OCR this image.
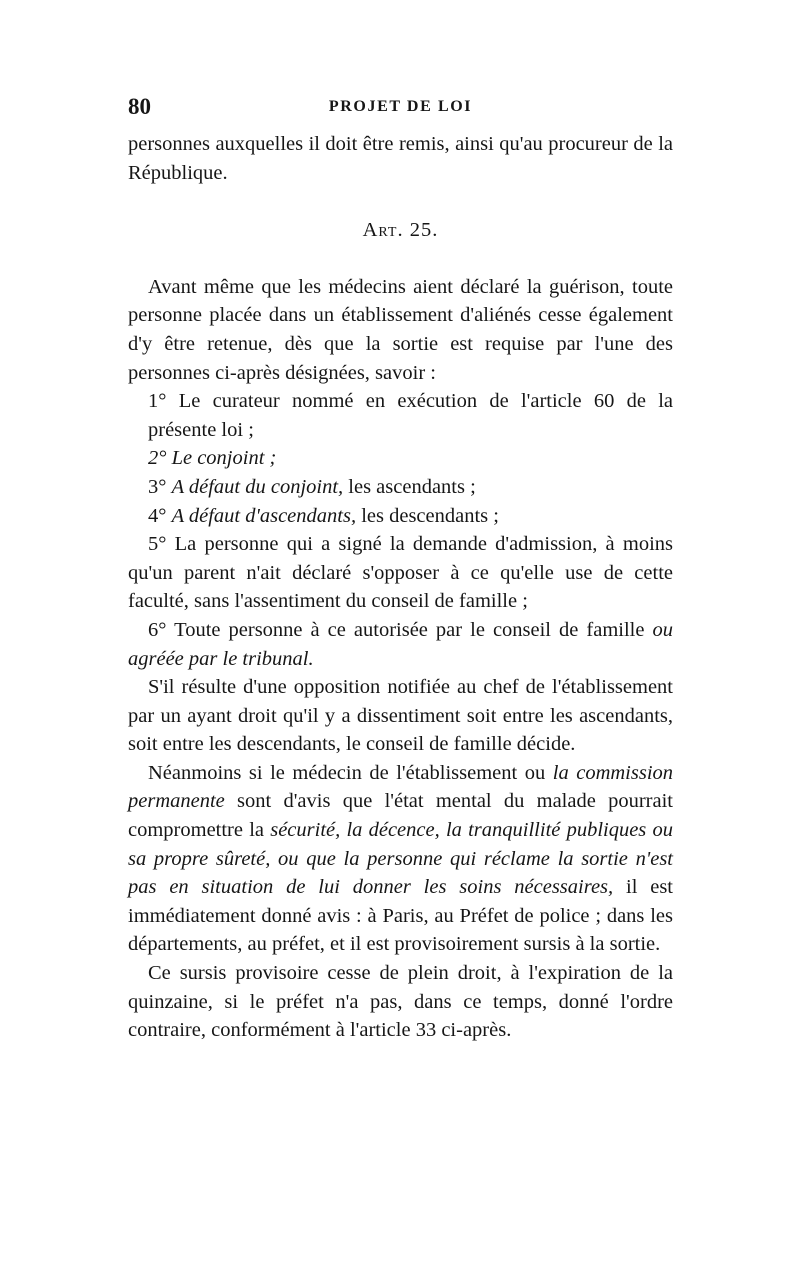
80	PROJET DE LOI

personnes auxquelles il doit être remis, ainsi qu'au procureur de la République.

Art. 25.

Avant même que les médecins aient déclaré la guérison, toute personne placée dans un établissement d'aliénés cesse également d'y être retenue, dès que la sortie est requise par l'une des personnes ci-après désignées, savoir :

1° Le curateur nommé en exécution de l'article 60 de la présente loi ;

2° Le conjoint ;

3° A défaut du conjoint, les ascendants ;

4° A défaut d'ascendants, les descendants ;

5° La personne qui a signé la demande d'admission, à moins qu'un parent n'ait déclaré s'opposer à ce qu'elle use de cette faculté, sans l'assentiment du conseil de famille ;

6° Toute personne à ce autorisée par le conseil de famille ou agréée par le tribunal.

S'il résulte d'une opposition notifiée au chef de l'établissement par un ayant droit qu'il y a dissentiment soit entre les ascendants, soit entre les descendants, le conseil de famille décide.

Néanmoins si le médecin de l'établissement ou la commission permanente sont d'avis que l'état mental du malade pourrait compromettre la sécurité, la décence, la tranquillité publiques ou sa propre sûreté, ou que la personne qui réclame la sortie n'est pas en situation de lui donner les soins nécessaires, il est immédiatement donné avis : à Paris, au Préfet de police ; dans les départements, au préfet, et il est provisoirement sursis à la sortie.

Ce sursis provisoire cesse de plein droit, à l'expiration de la quinzaine, si le préfet n'a pas, dans ce temps, donné l'ordre contraire, conformément à l'article 33 ci-après.
